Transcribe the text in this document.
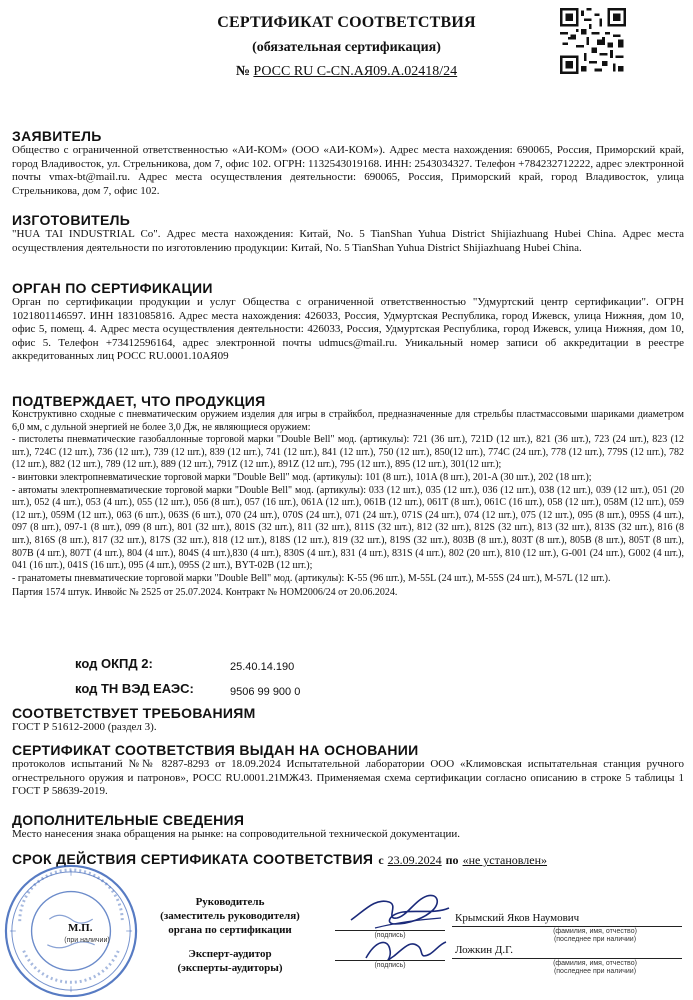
СЕРТИФИКАТ СООТВЕТСТВИЯ
(обязательная сертификация)
№ РОСС RU C-CN.АЯ09.А.02418/24
ЗАЯВИТЕЛЬ
Общество с ограниченной ответственностью «АИ-КОМ» (ООО «АИ-КОМ»). Адрес места нахождения: 690065, Россия, Приморский край, город Владивосток, ул. Стрельникова, дом 7, офис 102. ОГРН: 1132543019168. ИНН: 2543034327. Телефон +784232712222, адрес электронной почты vmax-bt@mail.ru. Адрес места осуществления деятельности: 690065, Россия, Приморский край, город Владивосток, улица Стрельникова, дом 7, офис 102.
ИЗГОТОВИТЕЛЬ
"HUA TAI INDUSTRIAL Co". Адрес места нахождения: Китай, No. 5 TianShan Yuhua District Shijiazhuang Hubei China. Адрес места осуществления деятельности по изготовлению продукции: Китай, No. 5 TianShan Yuhua District Shijiazhuang Hubei China.
ОРГАН ПО СЕРТИФИКАЦИИ
Орган по сертификации продукции и услуг Общества с ограниченной ответственностью "Удмуртский центр сертификации". ОГРН 1021801146597. ИНН 1831085816. Адрес места нахождения: 426033, Россия, Удмуртская Республика, город Ижевск, улица Нижняя, дом 10, офис 5, помещ. 4. Адрес места осуществления деятельности: 426033, Россия, Удмуртская Республика, город Ижевск, улица Нижняя, дом 10, офис 5. Телефон +73412596164, адрес электронной почты udmucs@mail.ru. Уникальный номер записи об аккредитации в реестре аккредитованных лиц РОСС RU.0001.10АЯ09
ПОДТВЕРЖДАЕТ, ЧТО ПРОДУКЦИЯ
Конструктивно сходные с пневматическим оружием изделия для игры в страйкбол, предназначенные для стрельбы пластмассовыми шариками диаметром 6,0 мм, с дульной энергией не более 3,0 Дж, не являющиеся оружием:
- пистолеты пневматические газобаллонные торговой марки "Double Bell" мод. (артикулы): 721 (36 шт.), 721D (12 шт.), 821 (36 шт.), 723 (24 шт.), 823 (12 шт.), 724C (12 шт.), 736 (12 шт.), 739 (12 шт.), 839 (12 шт.), 741 (12 шт.), 841 (12 шт.), 750 (12 шт.), 850(12 шт.), 774C (24 шт.), 778 (12 шт.), 779S (12 шт.), 782 (12 шт.), 882 (12 шт.), 789 (12 шт.), 889 (12 шт.), 791Z (12 шт.), 891Z (12 шт.), 795 (12 шт.), 895 (12 шт.), 301(12 шт.);
- винтовки электропневматические торговой марки "Double Bell" мод. (артикулы): 101 (8 шт.), 101A (8 шт.), 201-A (30 шт.), 202 (18 шт.);
- автоматы электропневматические торговой марки "Double Bell" мод. (артикулы): 033 (12 шт.), 035 (12 шт.), 036 (12 шт.), 038 (12 шт.), 039 (12 шт.), 051 (20 шт.), 052 (4 шт.), 053 (4 шт.), 055 (12 шт.), 056 (8 шт.), 057 (16 шт.), 061A (12 шт.), 061B (12 шт.), 061T (8 шт.), 061C (16 шт.), 058 (12 шт.), 058M (12 шт.), 059 (12 шт.), 059M (12 шт.), 063 (6 шт.), 063S (6 шт.), 070 (24 шт.), 070S (24 шт.), 071 (24 шт.), 071S (24 шт.), 074 (12 шт.), 075 (12 шт.), 095 (8 шт.), 095S (4 шт.), 097 (8 шт.), 097-1 (8 шт.), 099 (8 шт.), 801 (32 шт.), 801S (32 шт.), 811 (32 шт.), 811S (32 шт.), 812 (32 шт.), 812S (32 шт.), 813 (32 шт.), 813S (32 шт.), 816 (8 шт.), 816S (8 шт.), 817 (32 шт.), 817S (32 шт.), 818 (12 шт.), 818S (12 шт.), 819 (32 шт.), 819S (32 шт.), 803B (8 шт.), 803T (8 шт.), 805B (8 шт.), 805T (8 шт.), 807B (4 шт.), 807T (4 шт.), 804 (4 шт.), 804S (4 шт.),830 (4 шт.), 830S (4 шт.), 831 (4 шт.), 831S (4 шт.), 802 (20 шт.), 810 (12 шт.), G-001 (24 шт.), G002 (4 шт.), 041 (16 шт.), 041S (16 шт.), 095 (4 шт.), 095S (2 шт.), BYT-02B (12 шт.);
- гранатометы пневматические торговой марки "Double Bell" мод. (артикулы): K-55 (96 шт.), M-55L (24 шт.), M-55S (24 шт.), M-57L (12 шт.).
Партия 1574 штук. Инвойс № 2525 от 25.07.2024. Контракт № НОМ2006/24 от 20.06.2024.
код ОКПД 2:	25.40.14.190
код ТН ВЭД ЕАЭС:	9506 99 900 0
СООТВЕТСТВУЕТ ТРЕБОВАНИЯМ
ГОСТ Р 51612-2000 (раздел 3).
СЕРТИФИКАТ СООТВЕТСТВИЯ ВЫДАН НА ОСНОВАНИИ
протоколов испытаний №№ 8287-8293 от 18.09.2024 Испытательной лаборатории ООО «Климовская испытательная станция ручного огнестрельного оружия и патронов», РОСС RU.0001.21МЖ43. Применяемая схема сертификации согласно описанию в строке 5 таблицы 1 ГОСТ Р 58639-2019.
ДОПОЛНИТЕЛЬНЫЕ СВЕДЕНИЯ
Место нанесения знака обращения на рынке: на сопроводительной технической документации.
СРОК ДЕЙСТВИЯ СЕРТИФИКАТА СООТВЕТСТВИЯ с 23.09.2024 по «не установлен»
М.П.
(при наличии)
Руководитель
(заместитель руководителя)
органа по сертификации	(подпись)
Крымский Яков Наумович
(фамилия, имя, отчество)
(последнее при наличии)
Эксперт-аудитор
(эксперты-аудиторы)	(подпись)
Ложкин Д.Г.
(фамилия, имя, отчество)
(последнее при наличии)
